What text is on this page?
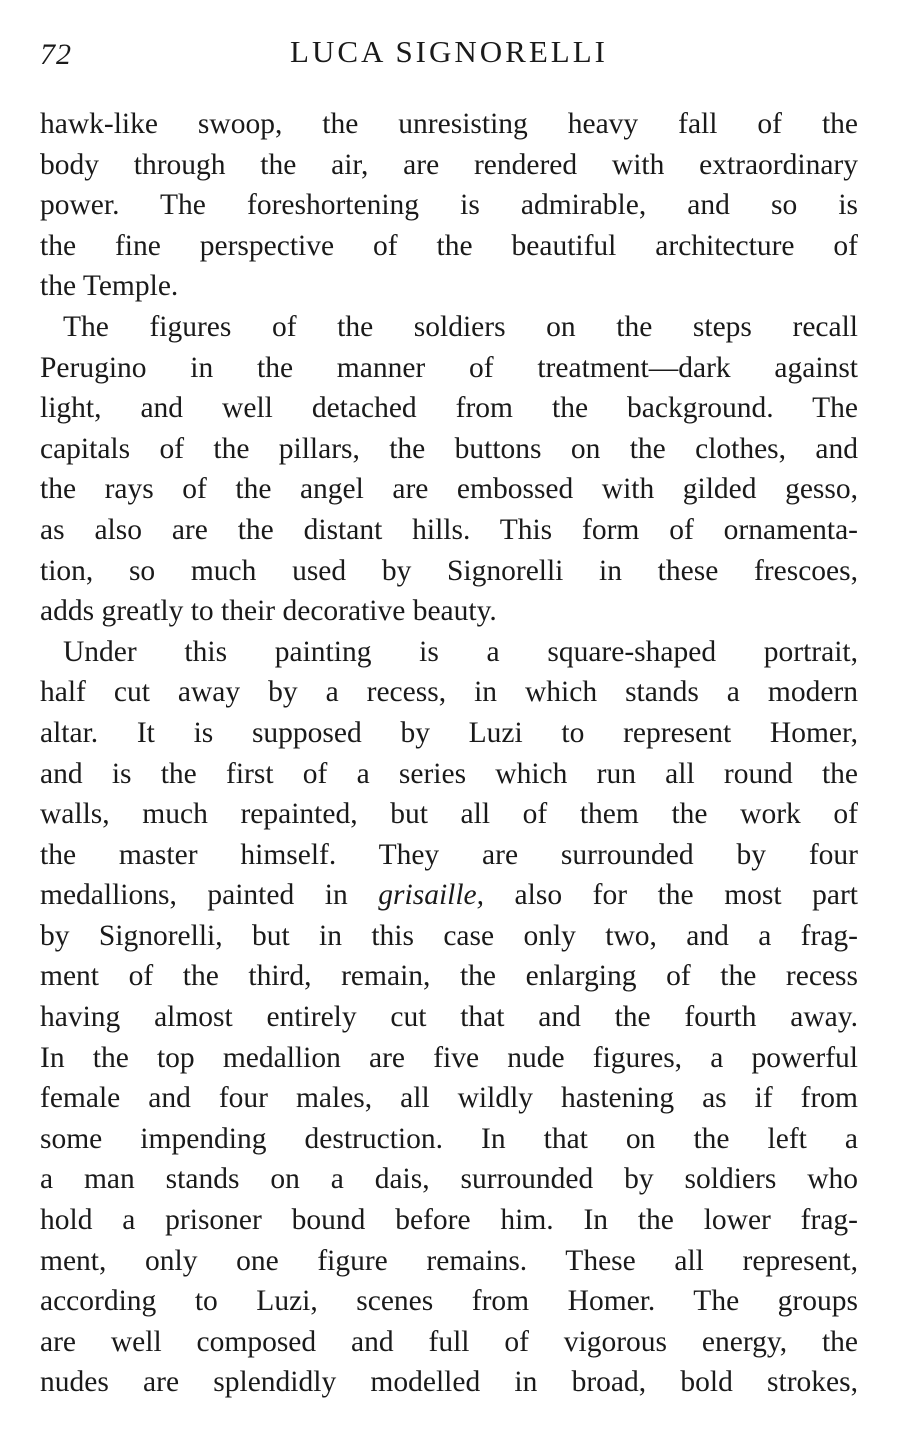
72	LUCA SIGNORELLI
hawk-like swoop, the unresisting heavy fall of the
body through the air, are rendered with extraordinary
power. The foreshortening is admirable, and so is
the fine perspective of the beautiful architecture of
the Temple.
The figures of the soldiers on the steps recall
Perugino in the manner of treatment—dark against
light, and well detached from the background. The
capitals of the pillars, the buttons on the clothes, and
the rays of the angel are embossed with gilded gesso,
as also are the distant hills. This form of ornamenta-
tion, so much used by Signorelli in these frescoes,
adds greatly to their decorative beauty.
Under this painting is a square-shaped portrait,
half cut away by a recess, in which stands a modern
altar. It is supposed by Luzi to represent Homer,
and is the first of a series which run all round the
walls, much repainted, but all of them the work of
the master himself. They are surrounded by four
medallions, painted in grisaille, also for the most part
by Signorelli, but in this case only two, and a frag-
ment of the third, remain, the enlarging of the recess
having almost entirely cut that and the fourth away.
In the top medallion are five nude figures, a powerful
female and four males, all wildly hastening as if from
some impending destruction. In that on the left a
a man stands on a dais, surrounded by soldiers who
hold a prisoner bound before him. In the lower frag-
ment, only one figure remains. These all represent,
according to Luzi, scenes from Homer. The groups
are well composed and full of vigorous energy, the
nudes are splendidly modelled in broad, bold strokes,
